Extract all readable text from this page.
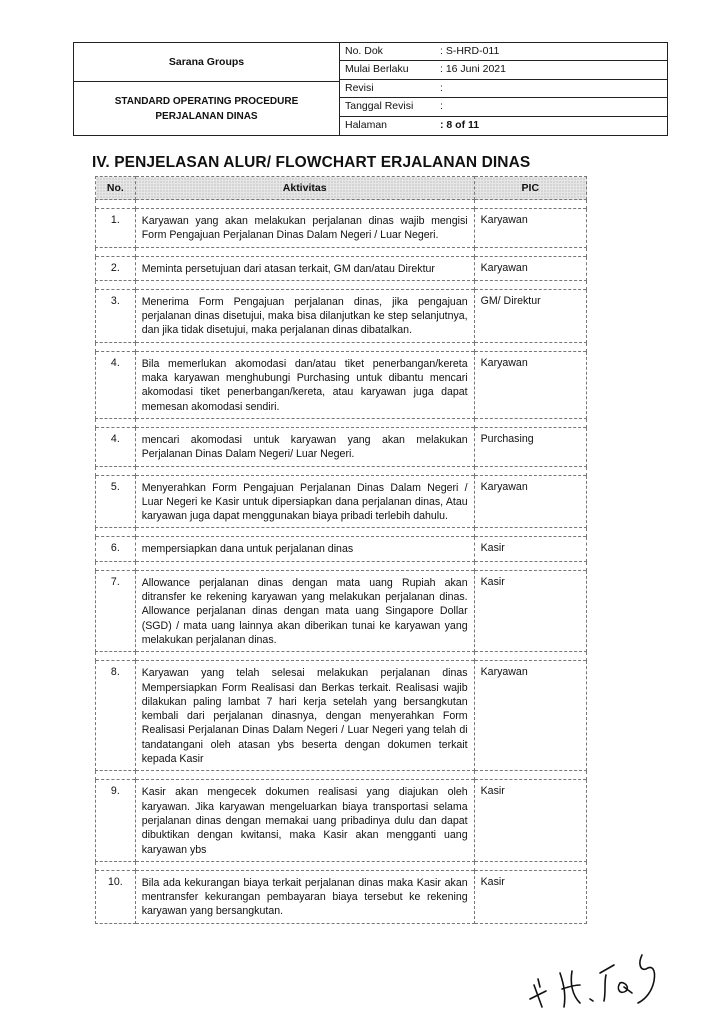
Sarana Groups
STANDARD OPERATING PROCEDURE
PERJALANAN DINAS
No. Dok	: S-HRD-011
Mulai Berlaku	: 16 Juni 2021
Revisi	:
Tanggal Revisi	:
Halaman	: 8 of 11
IV. PENJELASAN ALUR/ FLOWCHART ERJALANAN DINAS
No.	Aktivitas	PIC

1.	Karyawan yang akan melakukan perjalanan dinas wajib mengisi Form Pengajuan Perjalanan Dinas Dalam Negeri / Luar Negeri.	Karyawan

2.	Meminta persetujuan dari atasan terkait, GM dan/atau Direktur	Karyawan

3.	Menerima Form Pengajuan perjalanan dinas, jika pengajuan perjalanan dinas disetujui, maka bisa dilanjutkan ke step selanjutnya, dan jika tidak disetujui, maka perjalanan dinas dibatalkan.	GM/ Direktur

4.	Bila memerlukan akomodasi dan/atau tiket penerbangan/kereta maka karyawan menghubungi Purchasing untuk dibantu mencari akomodasi tiket penerbangan/kereta, atau karyawan juga dapat memesan akomodasi sendiri.	Karyawan

4.	mencari akomodasi untuk karyawan yang akan melakukan Perjalanan Dinas Dalam Negeri/ Luar Negeri.	Purchasing

5.	Menyerahkan Form Pengajuan Perjalanan Dinas Dalam Negeri / Luar Negeri ke Kasir untuk dipersiapkan dana perjalanan dinas, Atau karyawan juga dapat menggunakan biaya pribadi terlebih dahulu.	Karyawan

6.	mempersiapkan dana untuk perjalanan dinas	Kasir

7.	Allowance perjalanan dinas dengan mata uang Rupiah akan ditransfer ke rekening karyawan yang melakukan perjalanan dinas. Allowance perjalanan dinas dengan mata uang Singapore Dollar (SGD) / mata uang lainnya akan diberikan tunai ke karyawan yang melakukan perjalanan dinas.	Kasir

8.	Karyawan yang telah selesai melakukan perjalanan dinas Mempersiapkan Form Realisasi dan Berkas terkait. Realisasi wajib dilakukan paling lambat 7 hari kerja setelah yang bersangkutan kembali dari perjalanan dinasnya, dengan menyerahkan Form Realisasi Perjalanan Dinas Dalam Negeri / Luar Negeri yang telah di tandatangani oleh atasan ybs beserta dengan dokumen terkait kepada Kasir	Karyawan

9.	Kasir akan mengecek dokumen realisasi yang diajukan oleh karyawan. Jika karyawan mengeluarkan biaya transportasi selama perjalanan dinas dengan memakai uang pribadinya dulu dan dapat dibuktikan dengan kwitansi, maka Kasir akan mengganti uang karyawan ybs	Kasir

10.	Bila ada kekurangan biaya terkait perjalanan dinas maka Kasir akan mentransfer kekurangan pembayaran biaya tersebut ke rekening karyawan yang bersangkutan.	Kasir
